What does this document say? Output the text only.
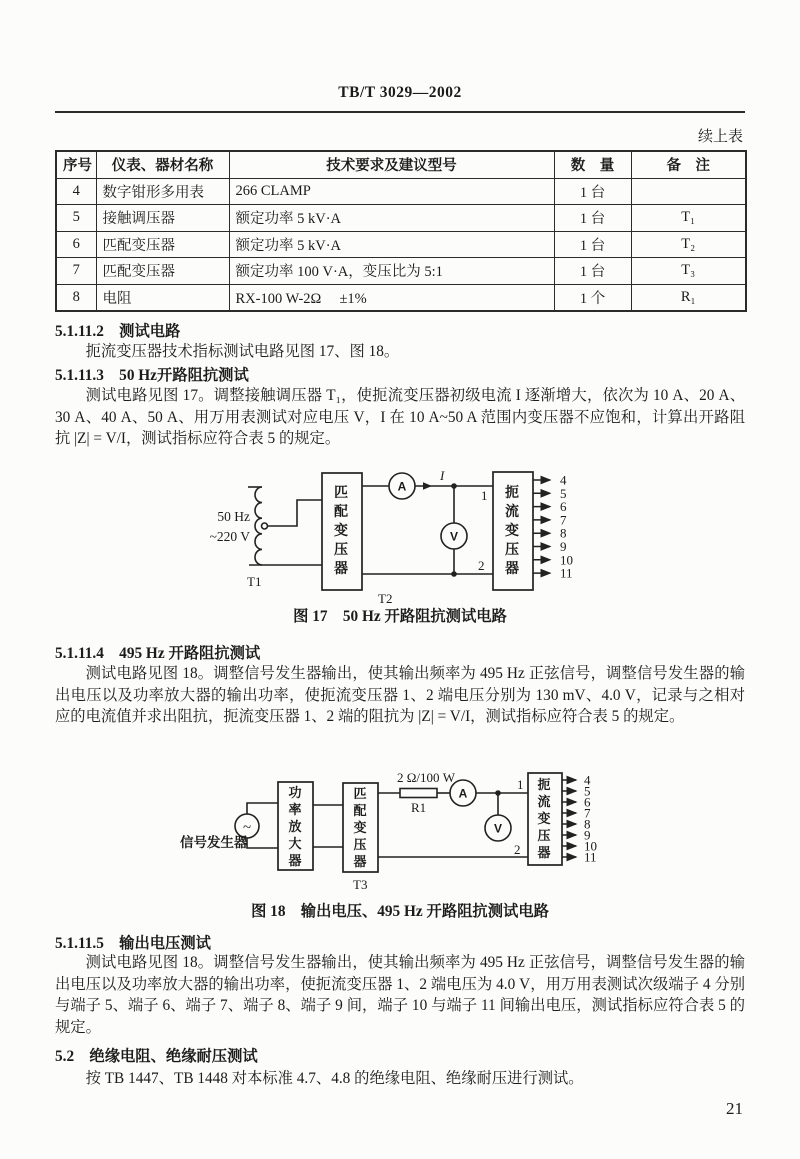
TB/T 3029—2002
续上表
序号	仪表、器材名称	技术要求及建议型号	数　量	备　注
4	数字钳形多用表	266 CLAMP	1 台	
5	接触调压器	额定功率 5 kV·A	1 台	T₁
6	匹配变压器	额定功率 5 kV·A	1 台	T₂
7	匹配变压器	额定功率 100 V·A，变压比为 5:1	1 台	T₃
8	电阻	RX-100 W-2Ω　 ±1%	1 个	R₁
5.1.11.2　测试电路
扼流变压器技术指标测试电路见图 17、图 18。
5.1.11.3　50 Hz开路阻抗测试
测试电路见图 17。调整接触调压器 T₁，使扼流变压器初级电流 I 逐渐增大，依次为 10 A、20 A、30 A、40 A、50 A、用万用表测试对应电压 V，I 在 10 A~50 A 范围内变压器不应饱和，计算出开路阻抗 |Z| = V/I，测试指标应符合表 5 的规定。
50 Hz
~220 V
T1
T2
A
V
I
1
2
4
5
6
7
8
9
10
11
匹配变压器
扼流变压器
图 17　50 Hz 开路阻抗测试电路
5.1.11.4　495 Hz 开路阻抗测试
测试电路见图 18。调整信号发生器输出，使其输出频率为 495 Hz 正弦信号，调整信号发生器的输出电压以及功率放大器的输出功率，使扼流变压器 1、2 端电压分别为 130 mV、4.0 V，记录与之相对应的电流值并求出阻抗，扼流变压器 1、2 端的阻抗为 |Z| = V/I，测试指标应符合表 5 的规定。
~
信号发生器
2 Ω/100 W
R1
A
V
1
2
T3
4
5
6
7
8
9
10
11
功率放大器
匹配变压器
扼流变压器
图 18　输出电压、495 Hz 开路阻抗测试电路
5.1.11.5　输出电压测试
测试电路见图 18。调整信号发生器输出，使其输出频率为 495 Hz 正弦信号，调整信号发生器的输出电压以及功率放大器的输出功率，使扼流变压器 1、2 端电压为 4.0 V，用万用表测试次级端子 4 分别与端子 5、端子 6、端子 7、端子 8、端子 9 间，端子 10 与端子 11 间输出电压，测试指标应符合表 5 的规定。
5.2　绝缘电阻、绝缘耐压测试
按 TB 1447、TB 1448 对本标准 4.7、4.8 的绝缘电阻、绝缘耐压进行测试。
21
